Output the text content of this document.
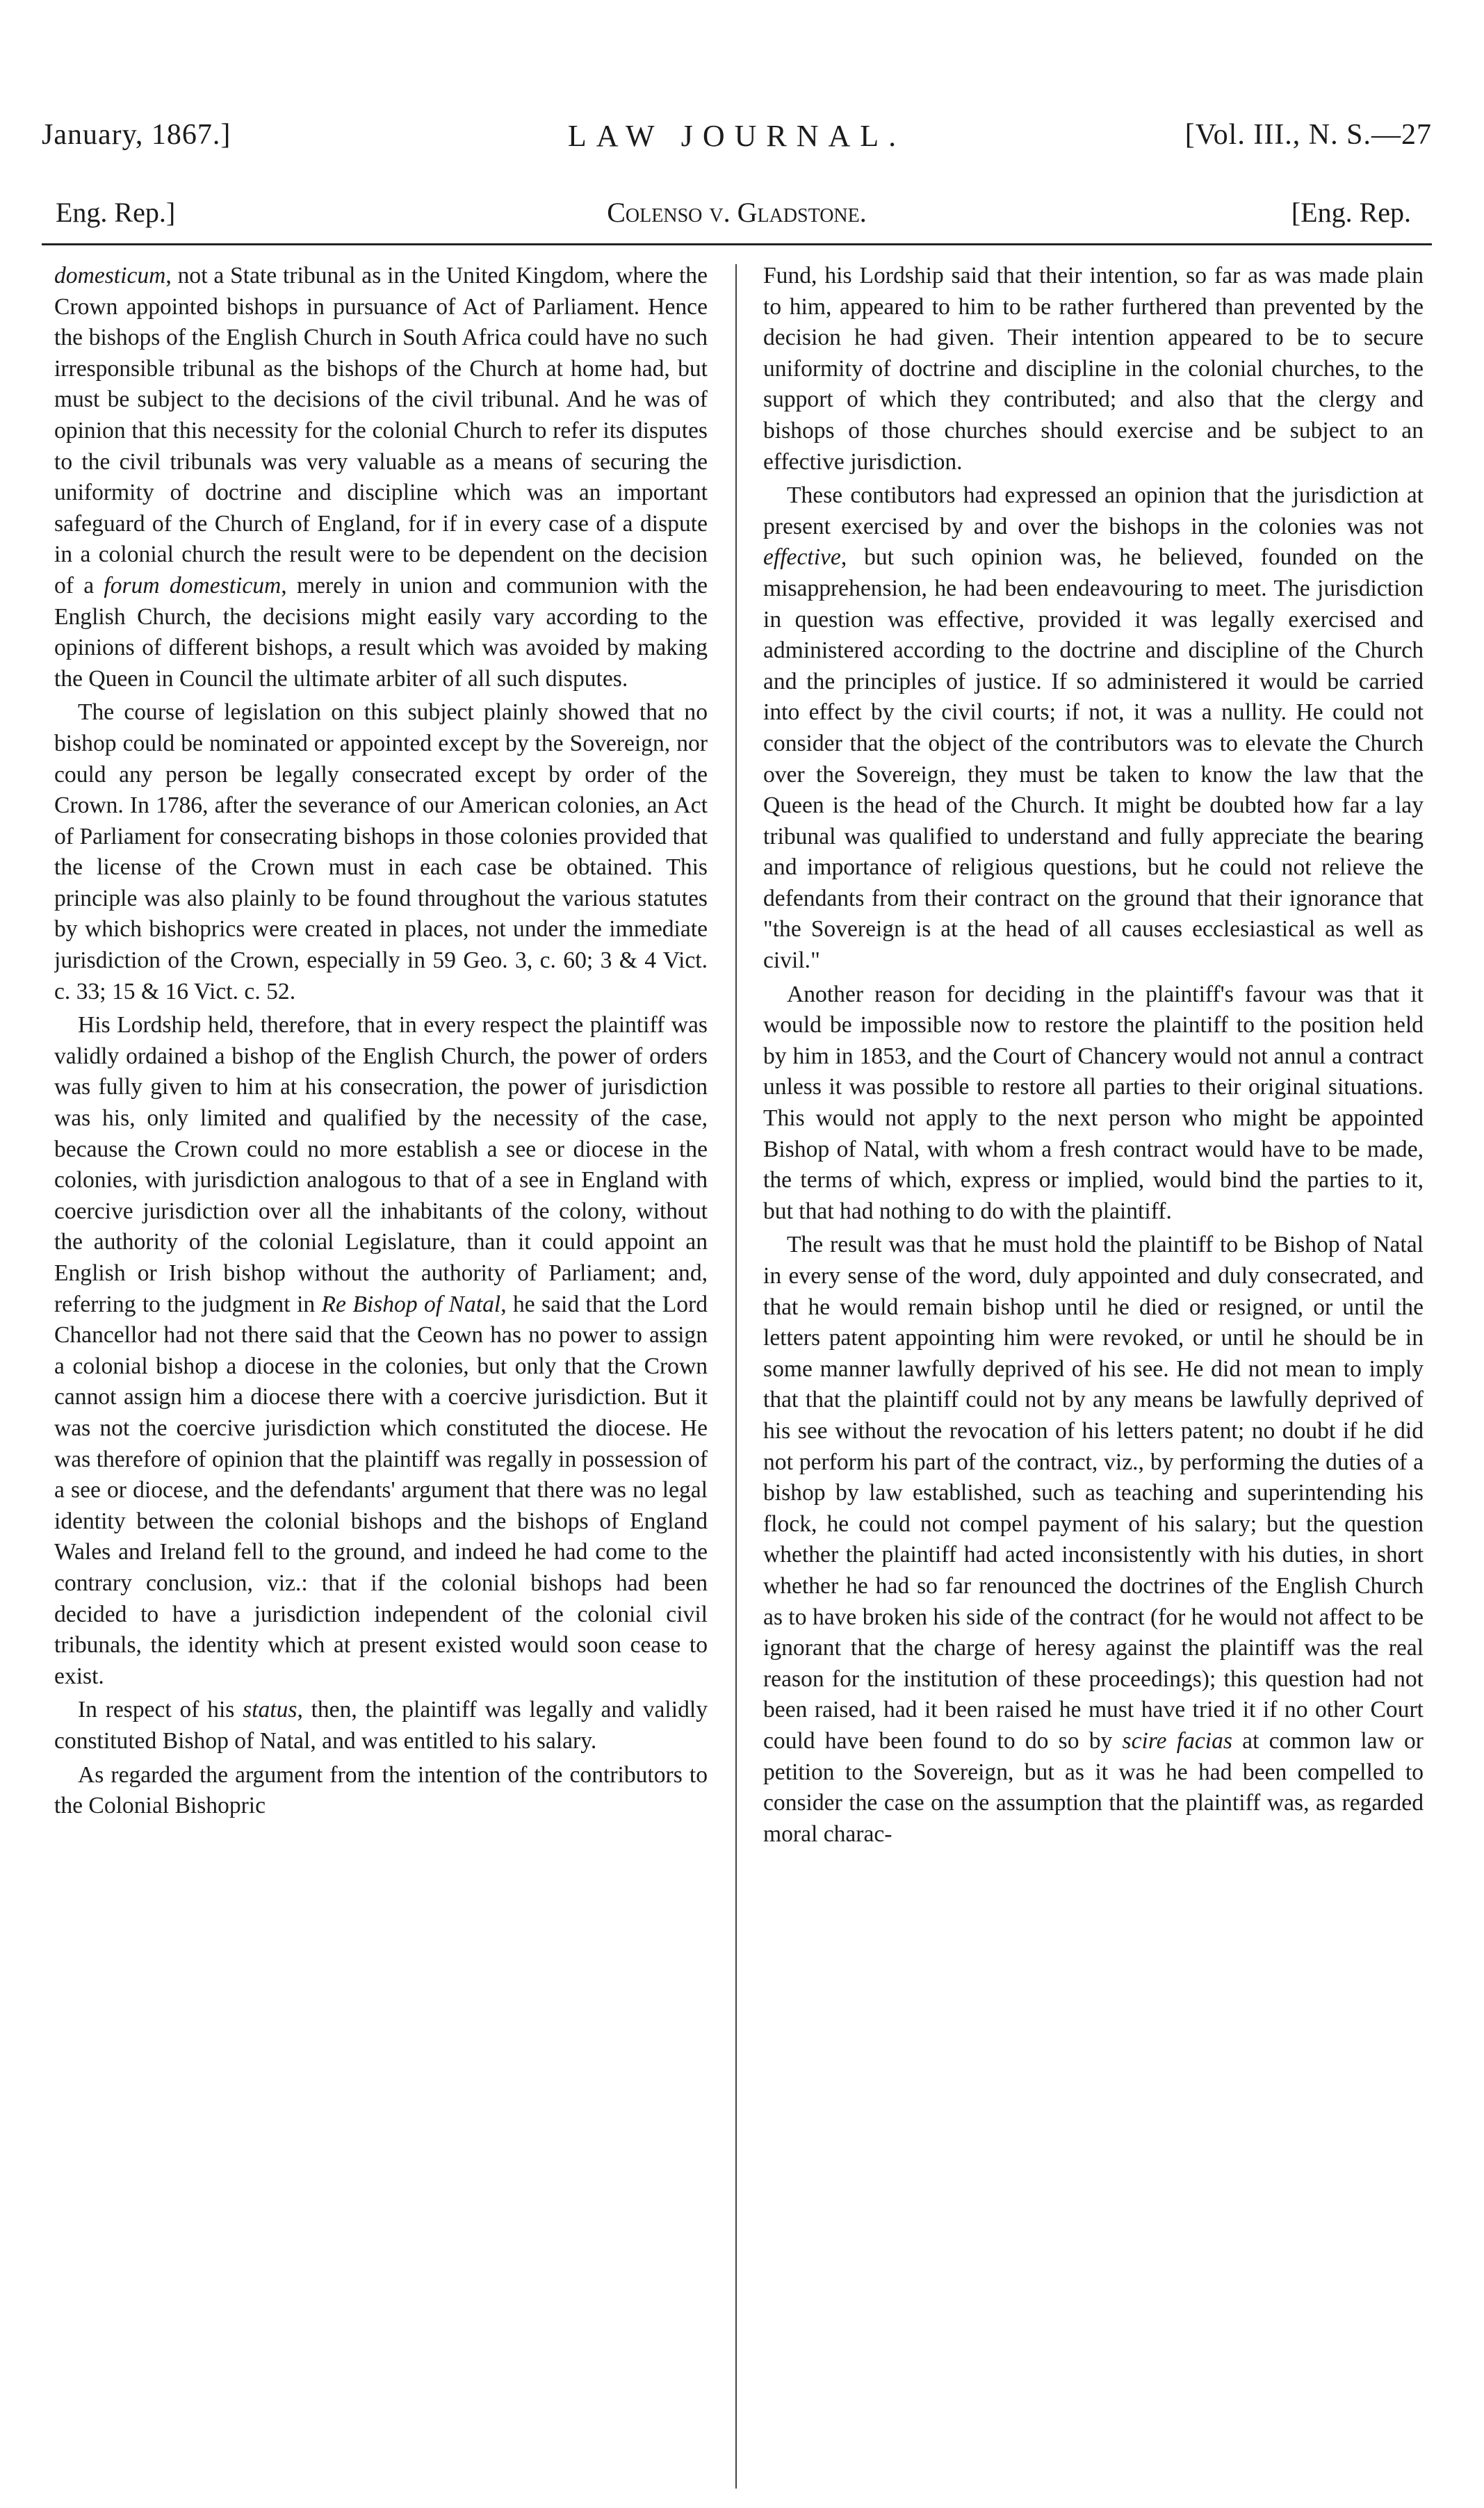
January, 1867.]	LAW JOURNAL.	[Vol. III., N. S.—27
Eng. Rep.]	Colenso v. Gladstone.	[Eng. Rep.

domesticum, not a State tribunal as in the United Kingdom, where the Crown appointed bishops in pursuance of Act of Parliament. Hence the bishops of the English Church in South Africa could have no such irresponsible tribunal as the bishops of the Church at home had, but must be subject to the decisions of the civil tribunal. And he was of opinion that this necessity for the colonial Church to refer its disputes to the civil tribunals was very valuable as a means of securing the uniformity of doctrine and discipline which was an important safeguard of the Church of England, for if in every case of a dispute in a colonial church the result were to be dependent on the decision of a forum domesticum, merely in union and communion with the English Church, the decisions might easily vary according to the opinions of different bishops, a result which was avoided by making the Queen in Council the ultimate arbiter of all such disputes.

The course of legislation on this subject plainly showed that no bishop could be nominated or appointed except by the Sovereign, nor could any person be legally consecrated except by order of the Crown. In 1786, after the severance of our American colonies, an Act of Parliament for consecrating bishops in those colonies provided that the license of the Crown must in each case be obtained. This principle was also plainly to be found throughout the various statutes by which bishoprics were created in places, not under the immediate jurisdiction of the Crown, especially in 59 Geo. 3, c. 60; 3 & 4 Vict. c. 33; 15 & 16 Vict. c. 52.

His Lordship held, therefore, that in every respect the plaintiff was validly ordained a bishop of the English Church, the power of orders was fully given to him at his consecration, the power of jurisdiction was his, only limited and qualified by the necessity of the case, because the Crown could no more establish a see or diocese in the colonies, with jurisdiction analogous to that of a see in England with coercive jurisdiction over all the inhabitants of the colony, without the authority of the colonial Legislature, than it could appoint an English or Irish bishop without the authority of Parliament; and, referring to the judgment in Re Bishop of Natal, he said that the Lord Chancellor had not there said that the Ceown has no power to assign a colonial bishop a diocese in the colonies, but only that the Crown cannot assign him a diocese there with a coercive jurisdiction. But it was not the coercive jurisdiction which constituted the diocese. He was therefore of opinion that the plaintiff was regally in possession of a see or diocese, and the defendants' argument that there was no legal identity between the colonial bishops and the bishops of England Wales and Ireland fell to the ground, and indeed he had come to the contrary conclusion, viz.: that if the colonial bishops had been decided to have a jurisdiction independent of the colonial civil tribunals, the identity which at present existed would soon cease to exist.

In respect of his status, then, the plaintiff was legally and validly constituted Bishop of Natal, and was entitled to his salary.

As regarded the argument from the intention of the contributors to the Colonial Bishopric

Fund, his Lordship said that their intention, so far as was made plain to him, appeared to him to be rather furthered than prevented by the decision he had given. Their intention appeared to be to secure uniformity of doctrine and discipline in the colonial churches, to the support of which they contributed; and also that the clergy and bishops of those churches should exercise and be subject to an effective jurisdiction.

These contibutors had expressed an opinion that the jurisdiction at present exercised by and over the bishops in the colonies was not effective, but such opinion was, he believed, founded on the misapprehension, he had been endeavouring to meet. The jurisdiction in question was effective, provided it was legally exercised and administered according to the doctrine and discipline of the Church and the principles of justice. If so administered it would be carried into effect by the civil courts; if not, it was a nullity. He could not consider that the object of the contributors was to elevate the Church over the Sovereign, they must be taken to know the law that the Queen is the head of the Church. It might be doubted how far a lay tribunal was qualified to understand and fully appreciate the bearing and importance of religious questions, but he could not relieve the defendants from their contract on the ground that their ignorance that "the Sovereign is at the head of all causes ecclesiastical as well as civil."

Another reason for deciding in the plaintiff's favour was that it would be impossible now to restore the plaintiff to the position held by him in 1853, and the Court of Chancery would not annul a contract unless it was possible to restore all parties to their original situations. This would not apply to the next person who might be appointed Bishop of Natal, with whom a fresh contract would have to be made, the terms of which, express or implied, would bind the parties to it, but that had nothing to do with the plaintiff.

The result was that he must hold the plaintiff to be Bishop of Natal in every sense of the word, duly appointed and duly consecrated, and that he would remain bishop until he died or resigned, or until the letters patent appointing him were revoked, or until he should be in some manner lawfully deprived of his see. He did not mean to imply that that the plaintiff could not by any means be lawfully deprived of his see without the revocation of his letters patent; no doubt if he did not perform his part of the contract, viz., by performing the duties of a bishop by law established, such as teaching and superintending his flock, he could not compel payment of his salary; but the question whether the plaintiff had acted inconsistently with his duties, in short whether he had so far renounced the doctrines of the English Church as to have broken his side of the contract (for he would not affect to be ignorant that the charge of heresy against the plaintiff was the real reason for the institution of these proceedings); this question had not been raised, had it been raised he must have tried it if no other Court could have been found to do so by scire facias at common law or petition to the Sovereign, but as it was he had been compelled to consider the case on the assumption that the plaintiff was, as regarded moral charac-
